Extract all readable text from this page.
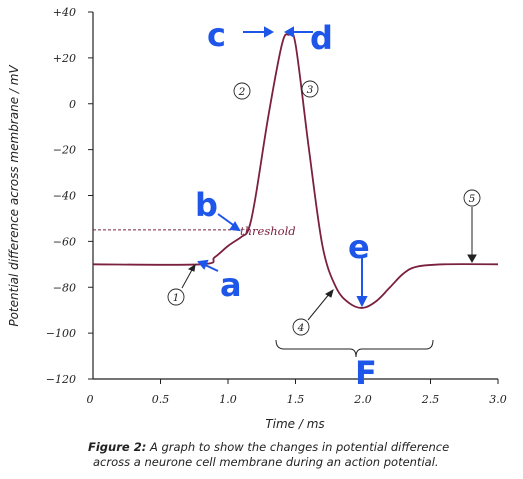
+40
+20
0
−20
−40
−60
−80
−100
−120
0	0.5	1.0	1.5	2.0	2.5	3.0
Time / ms
Potential difference across membrane / mV	threshold
1
2	3
4
5
a
b
c	d
e
F
Figure 2: A graph to show the changes in potential difference
across a neurone cell membrane during an action potential.
